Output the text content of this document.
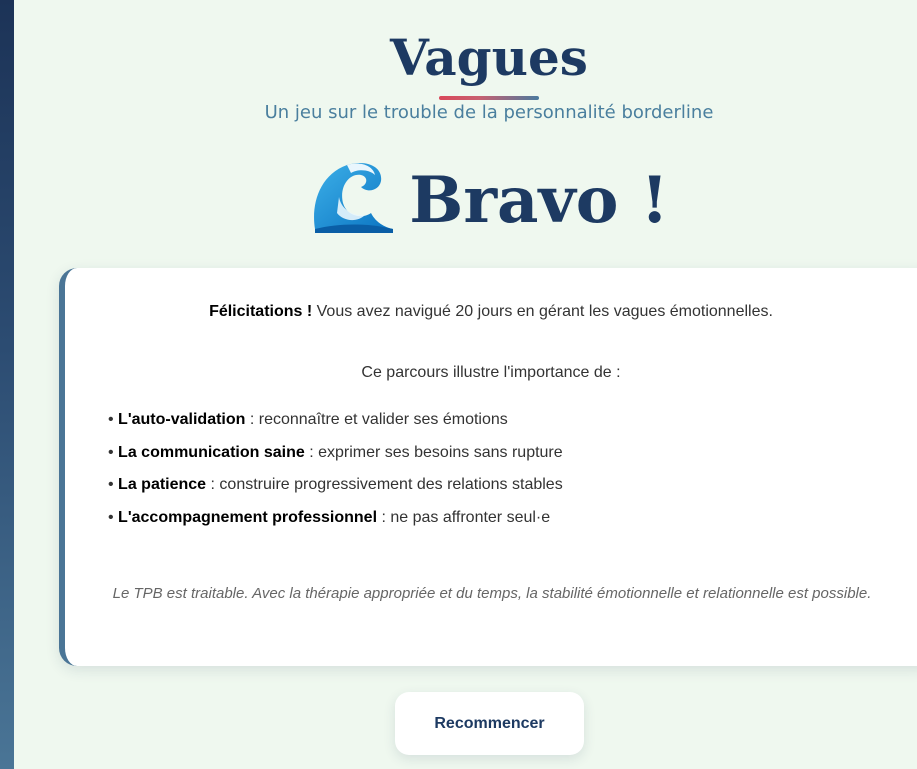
Vagues
Un jeu sur le trouble de la personnalité borderline
Bravo !
Félicitations ! Vous avez navigué 20 jours en gérant les vagues émotionnelles.
Ce parcours illustre l'importance de :
• L'auto-validation : reconnaître et valider ses émotions
• La communication saine : exprimer ses besoins sans rupture
• La patience : construire progressivement des relations stables
• L'accompagnement professionnel : ne pas affronter seul·e
Le TPB est traitable. Avec la thérapie appropriée et du temps, la stabilité émotionnelle et relationnelle est possible.
Recommencer
